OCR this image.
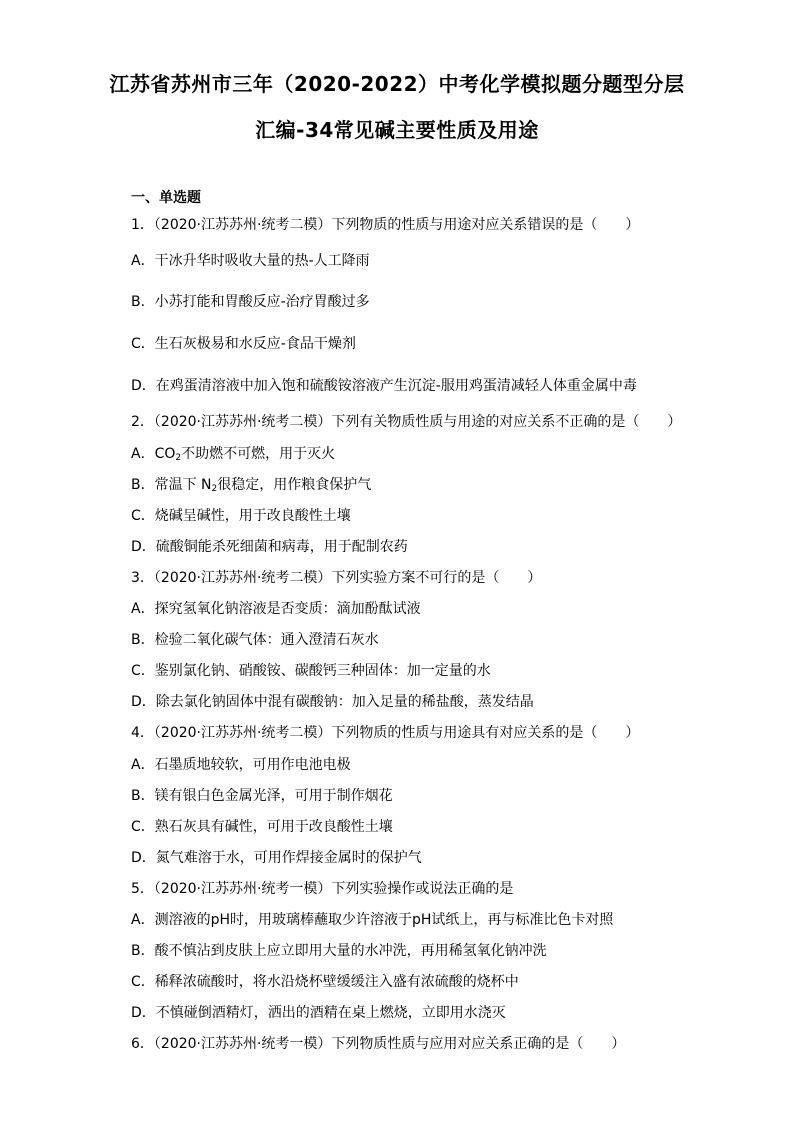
江苏省苏州市三年（2020-2022）中考化学模拟题分题型分层
汇编-34常见碱主要性质及用途
一、单选题
1．（2020·江苏苏州·统考二模）下列物质的性质与用途对应关系错误的是（　　）
A．干冰升华时吸收大量的热-人工降雨
B．小苏打能和胃酸反应-治疗胃酸过多
C．生石灰极易和水反应-食品干燥剂
D．在鸡蛋清溶液中加入饱和硫酸铵溶液产生沉淀-服用鸡蛋清减轻人体重金属中毒
2．（2020·江苏苏州·统考二模）下列有关物质性质与用途的对应关系不正确的是（　　）
A．$CO_2$不助燃不可燃，用于灭火
B．常温下 $N_2$很稳定，用作粮食保护气
C．烧碱呈碱性，用于改良酸性土壤
D．硫酸铜能杀死细菌和病毒，用于配制农药
3．（2020·江苏苏州·统考二模）下列实验方案不可行的是（　　）
A．探究氢氧化钠溶液是否变质：滴加酚酞试液
B．检验二氧化碳气体：通入澄清石灰水
C．鉴别氯化钠、硝酸铵、碳酸钙三种固体：加一定量的水
D．除去氯化钠固体中混有碳酸钠：加入足量的稀盐酸，蒸发结晶
4．（2020·江苏苏州·统考二模）下列物质的性质与用途具有对应关系的是（　　）
A．石墨质地较软，可用作电池电极
B．镁有银白色金属光泽，可用于制作烟花
C．熟石灰具有碱性，可用于改良酸性土壤
D．氮气难溶于水，可用作焊接金属时的保护气
5．（2020·江苏苏州·统考一模）下列实验操作或说法正确的是
A．测溶液的pH时，用玻璃棒蘸取少许溶液于pH试纸上，再与标准比色卡对照
B．酸不慎沾到皮肤上应立即用大量的水冲洗，再用稀氢氧化钠冲洗
C．稀释浓硫酸时，将水沿烧杯壁缓缓注入盛有浓硫酸的烧杯中
D．不慎碰倒酒精灯，洒出的酒精在桌上燃烧，立即用水浇灭
6．（2020·江苏苏州·统考一模）下列物质性质与应用对应关系正确的是（　　）
